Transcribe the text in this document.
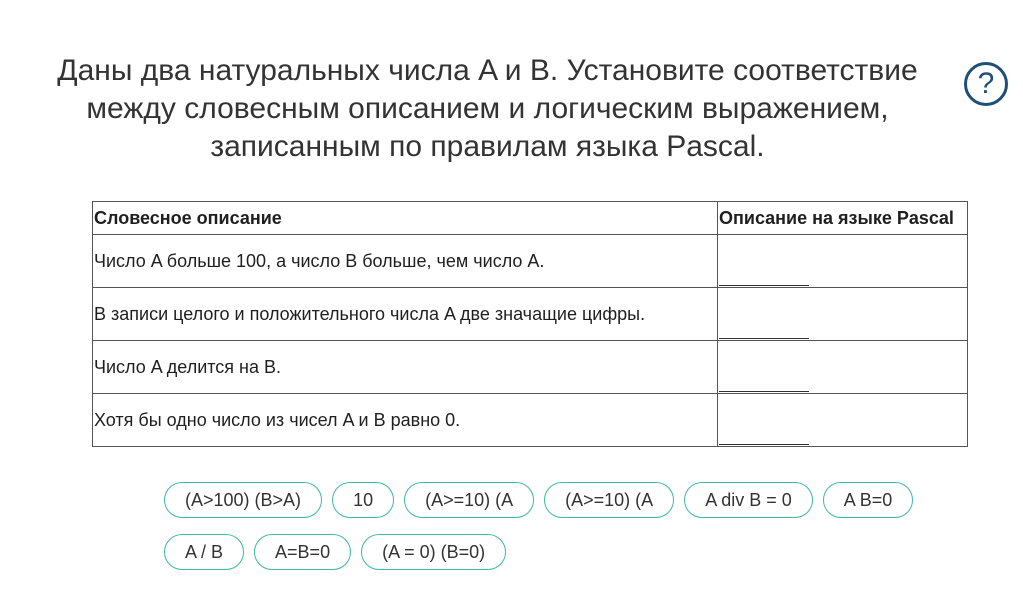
Даны два натуральных числа A и B. Установите соответствие
между словесным описанием и логическим выражением,
записанным по правилам языка Pascal.
?
Словесное описание	Описание на языке Pascal
Число A больше 100, а число B больше, чем число A.	

В записи целого и положительного числа A две значащие цифры.	

Число A делится на B.	

Хотя бы одно число из чисел A и B равно 0.	
(A>100) (B>A)	10	(A>=10) (A	(A>=10) (A	A div B = 0	A B=0
A / B	A=B=0	(A = 0) (B=0)
